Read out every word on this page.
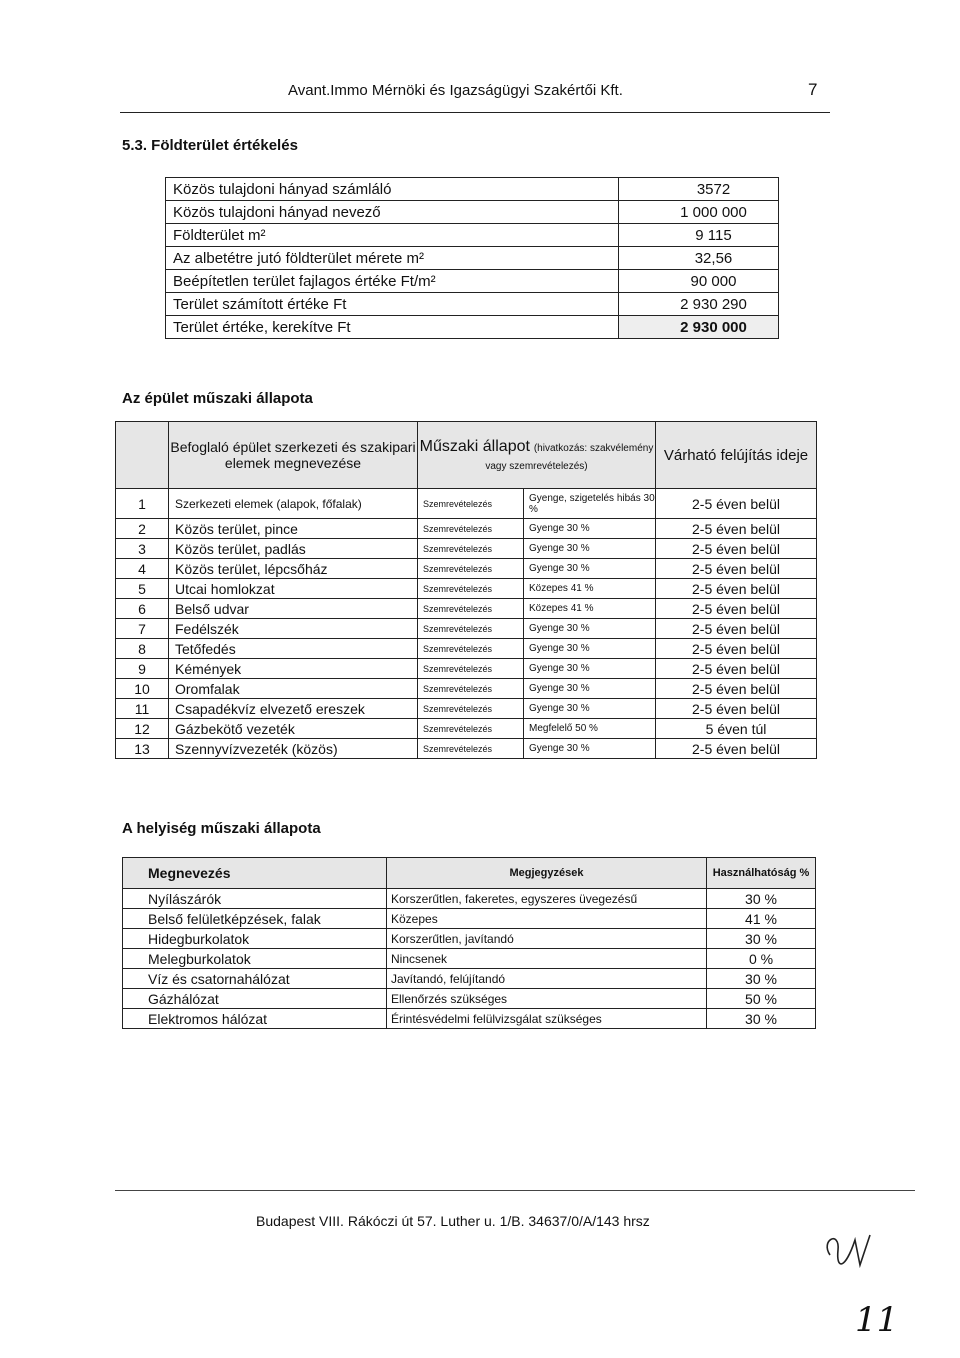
Avant.Immo Mérnöki és Igazságügyi Szakértői Kft.	7
5.3. Földterület értékelés
Közös tulajdoni hányad számláló	3572
Közös tulajdoni hányad nevező	1 000 000
Földterület m²	9 115
Az albetétre jutó földterület mérete m²	32,56
Beépítetlen terület fajlagos értéke Ft/m²	90 000
Terület számított értéke Ft	2 930 290
Terület értéke, kerekítve Ft	2 930 000
Az épület műszaki állapota
	Befoglaló épület szerkezeti és szakipari elemek megnevezése	Műszaki állapot (hivatkozás: szakvélemény vagy szemrevételezés)		Várható felújítás ideje
1	Szerkezeti elemek (alapok, főfalak)	Szemrevételezés	Gyenge, szigetelés hibás 30 %	2-5 éven belül
2	Közös terület, pince	Szemrevételezés	Gyenge 30 %	2-5 éven belül
3	Közös terület, padlás	Szemrevételezés	Gyenge 30 %	2-5 éven belül
4	Közös terület, lépcsőház	Szemrevételezés	Gyenge 30 %	2-5 éven belül
5	Utcai homlokzat	Szemrevételezés	Közepes 41 %	2-5 éven belül
6	Belső udvar	Szemrevételezés	Közepes 41 %	2-5 éven belül
7	Fedélszék	Szemrevételezés	Gyenge 30 %	2-5 éven belül
8	Tetőfedés	Szemrevételezés	Gyenge 30 %	2-5 éven belül
9	Kémények	Szemrevételezés	Gyenge 30 %	2-5 éven belül
10	Oromfalak	Szemrevételezés	Gyenge 30 %	2-5 éven belül
11	Csapadékvíz elvezető ereszek	Szemrevételezés	Gyenge 30 %	2-5 éven belül
12	Gázbekötő vezeték	Szemrevételezés	Megfelelő 50 %	5 éven túl
13	Szennyvízvezeték (közös)	Szemrevételezés	Gyenge 30 %	2-5 éven belül
A helyiség műszaki állapota
Megnevezés	Megjegyzések	Használhatóság %
Nyílászárók	Korszerűtlen, fakeretes, egyszeres üvegezésű	30 %
Belső felületképzések, falak	Közepes	41 %
Hidegburkolatok	Korszerűtlen, javítandó	30 %
Melegburkolatok	Nincsenek	0 %
Víz és csatornahálózat	Javítandó, felújítandó	30 %
Gázhálózat	Ellenőrzés szükséges	50 %
Elektromos hálózat	Érintésvédelmi felülvizsgálat szükséges	30 %
Budapest VIII. Rákóczi út 57. Luther u. 1/B. 34637/0/A/143 hrsz
11
